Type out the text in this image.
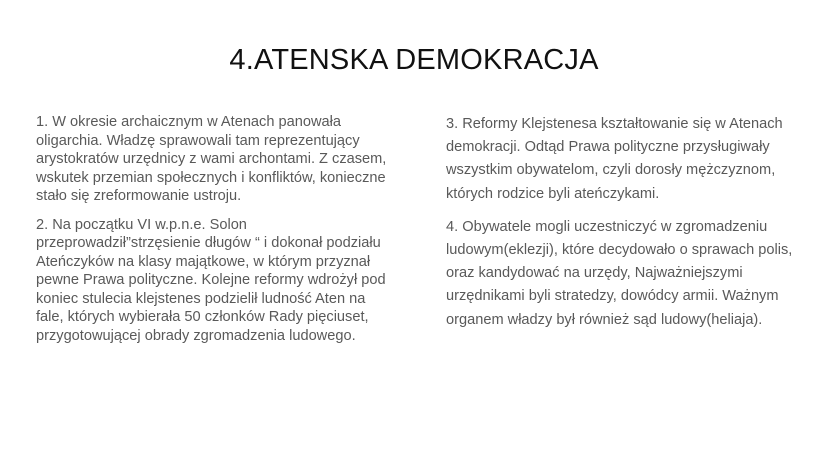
4.ATENSKA DEMOKRACJA

1. W okresie archaicznym w Atenach panowała oligarchia. Władzę sprawowali tam reprezentujący arystokratów urzędnicy z wami archontami. Z czasem, wskutek przemian społecznych i konfliktów, konieczne stało się zreformowanie ustroju.

2. Na początku VI w.p.n.e. Solon przeprowadził”strzęsienie długów “ i dokonał podziału Ateńczyków na klasy majątkowe, w którym przyznał pewne Prawa polityczne. Kolejne reformy wdrożył pod koniec stulecia klejstenes podzielił ludność Aten na fale, których wybierała 50 członków Rady pięciuset, przygotowującej obrady zgromadzenia ludowego.

3. Reformy Klejstenesa kształtowanie się w Atenach demokracji. Odtąd Prawa polityczne przysługiwały wszystkim obywatelom, czyli dorosły mężczyznom, których rodzice byli ateńczykami.

4. Obywatele mogli uczestniczyć w zgromadzeniu ludowym(eklezji), które decydowało o sprawach polis, oraz kandydować na urzędy, Najważniejszymi urzędnikami byli stratedzy, dowódcy armii. Ważnym organem władzy był również sąd ludowy(heliaja).
